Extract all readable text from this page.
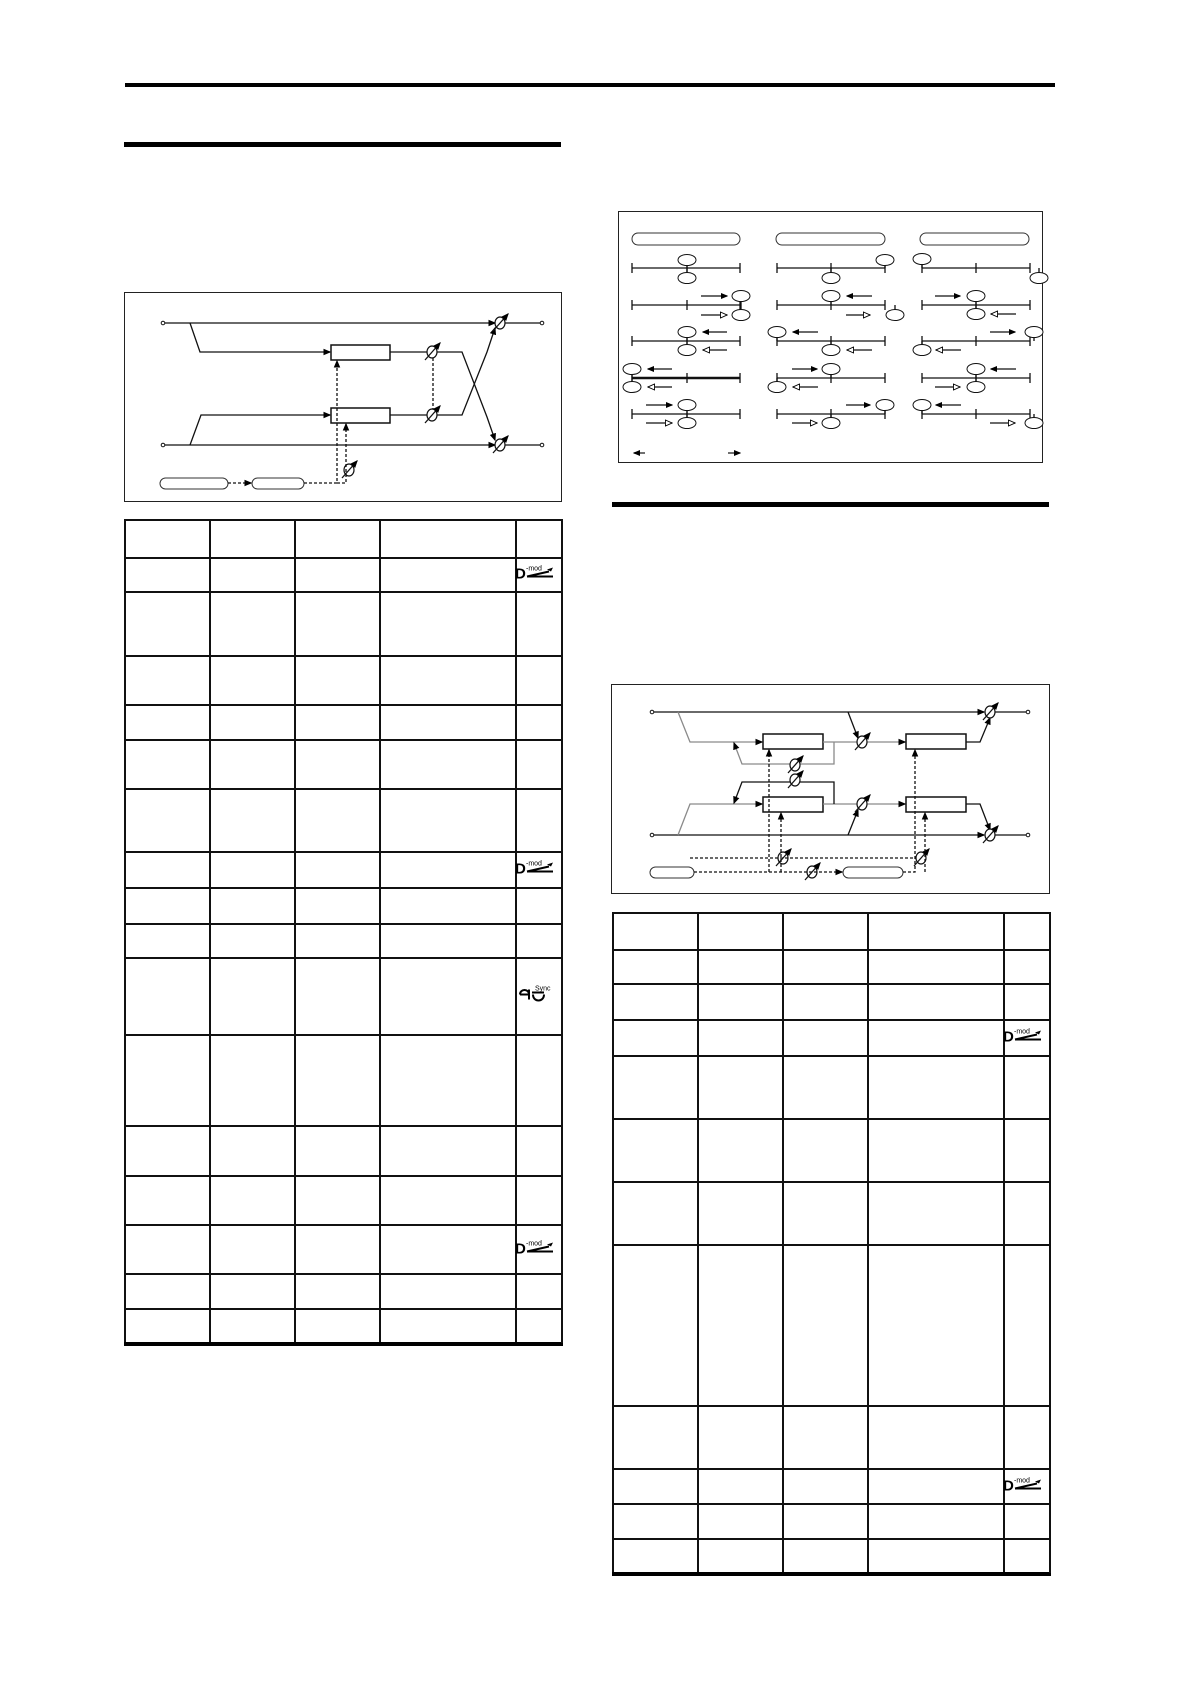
D -mod
D -mod
Sync
D -mod
D -mod
D -mod
